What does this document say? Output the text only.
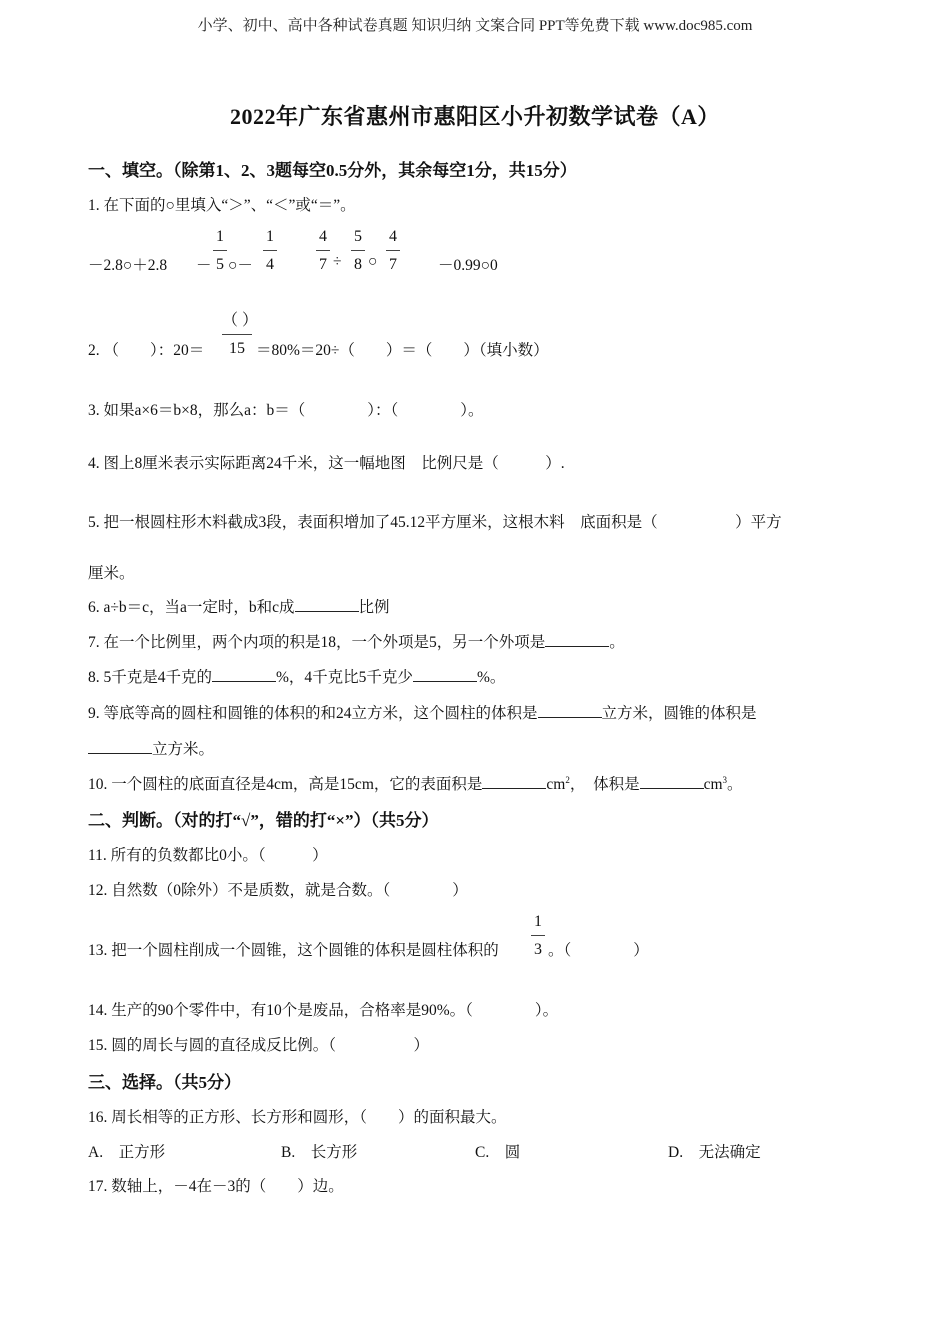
小学、初中、高中各种试卷真题 知识归纳 文案合同 PPT等免费下载 www.doc985.com
2022年广东省惠州市惠阳区小升初数学试卷（A）
一、填空。（除第1、2、3题每空0.5分外，其余每空1分，共15分）
1. 在下面的○里填入“＞”、“＜”或“＝”。
－2.8○＋2.8 －
1
5 ○－
1
4
4
7 ÷
5
8 ○
4
7	－0.99○0
2. （　　）：20＝
（ ）
15 ＝80%＝20÷（　　）＝（　　）（填小数）
3. 如果a×6＝b×8，那么a：b＝（　　　　）：（　　　　）。
4. 图上8厘米表示实际距离24千米，这一幅地图　比例尺是（　　　）.
5. 把一根圆柱形木料截成3段，表面积增加了45.12平方厘米，这根木料　底面积是（　　　　　）平方
厘米。
6. a÷b＝c，当a一定时，b和c成	比例
7. 在一个比例里，两个内项的积是18，一个外项是5，另一个外项是	。
8. 5千克是4千克的	%，4千克比5千克少	%。
9. 等底等高的圆柱和圆锥的体积的和24立方米，这个圆柱的体积是	立方米，圆锥的体积是
立方米。
10. 一个圆柱的底面直径是4cm，高是15cm，它的表面积是	$cm^2$，　体积是	$cm^3$。
二、判断。（对的打“√”，错的打“×”）（共5分）
11. 所有的负数都比0小。（　　　）
12. 自然数（0除外）不是质数，就是合数。（　　　　）
13. 把一个圆柱削成一个圆锥，这个圆锥的体积是圆柱体积的
1
3 。（　　　　）
14. 生产的90个零件中，有10个是废品，合格率是90%。（　　　　）。
15. 圆的周长与圆的直径成反比例。（　　　　　）
三、选择。（共5分）
16. 周长相等的正方形、长方形和圆形，（　　）的面积最大。
A.　正方形	B.　长方形	C.　圆	D.　无法确定
17. 数轴上，－4在－3的（　　）边。
